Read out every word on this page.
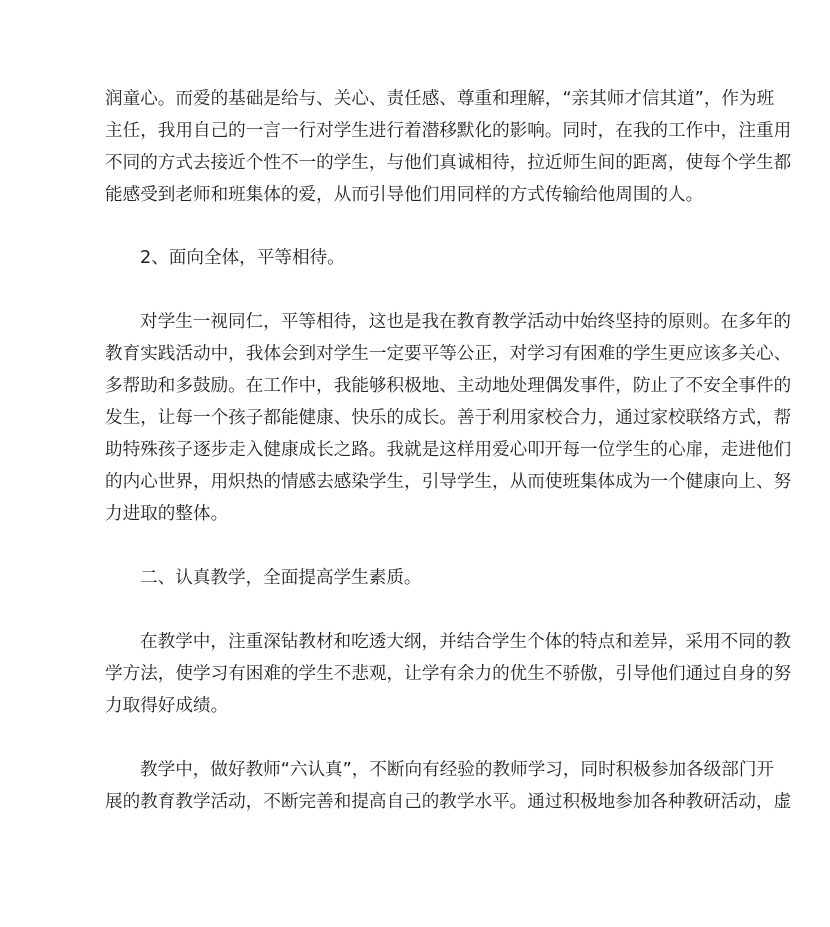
润童心。而爱的基础是给与、关心、责任感、尊重和理解，“亲其师才信其道”，作为班
主任，我用自己的一言一行对学生进行着潜移默化的影响。同时，在我的工作中，注重用
不同的方式去接近个性不一的学生，与他们真诚相待，拉近师生间的距离，使每个学生都
能感受到老师和班集体的爱，从而引导他们用同样的方式传输给他周围的人。
2、面向全体，平等相待。
对学生一视同仁，平等相待，这也是我在教育教学活动中始终坚持的原则。在多年的
教育实践活动中，我体会到对学生一定要平等公正，对学习有困难的学生更应该多关心、
多帮助和多鼓励。在工作中，我能够积极地、主动地处理偶发事件，防止了不安全事件的
发生，让每一个孩子都能健康、快乐的成长。善于利用家校合力，通过家校联络方式，帮
助特殊孩子逐步走入健康成长之路。我就是这样用爱心叩开每一位学生的心扉，走进他们
的内心世界，用炽热的情感去感染学生，引导学生，从而使班集体成为一个健康向上、努
力进取的整体。
二、认真教学，全面提高学生素质。
在教学中，注重深钻教材和吃透大纲，并结合学生个体的特点和差异，采用不同的教
学方法，使学习有困难的学生不悲观，让学有余力的优生不骄傲，引导他们通过自身的努
力取得好成绩。
教学中，做好教师“六认真”，不断向有经验的教师学习，同时积极参加各级部门开
展的教育教学活动，不断完善和提高自己的教学水平。通过积极地参加各种教研活动，虚
